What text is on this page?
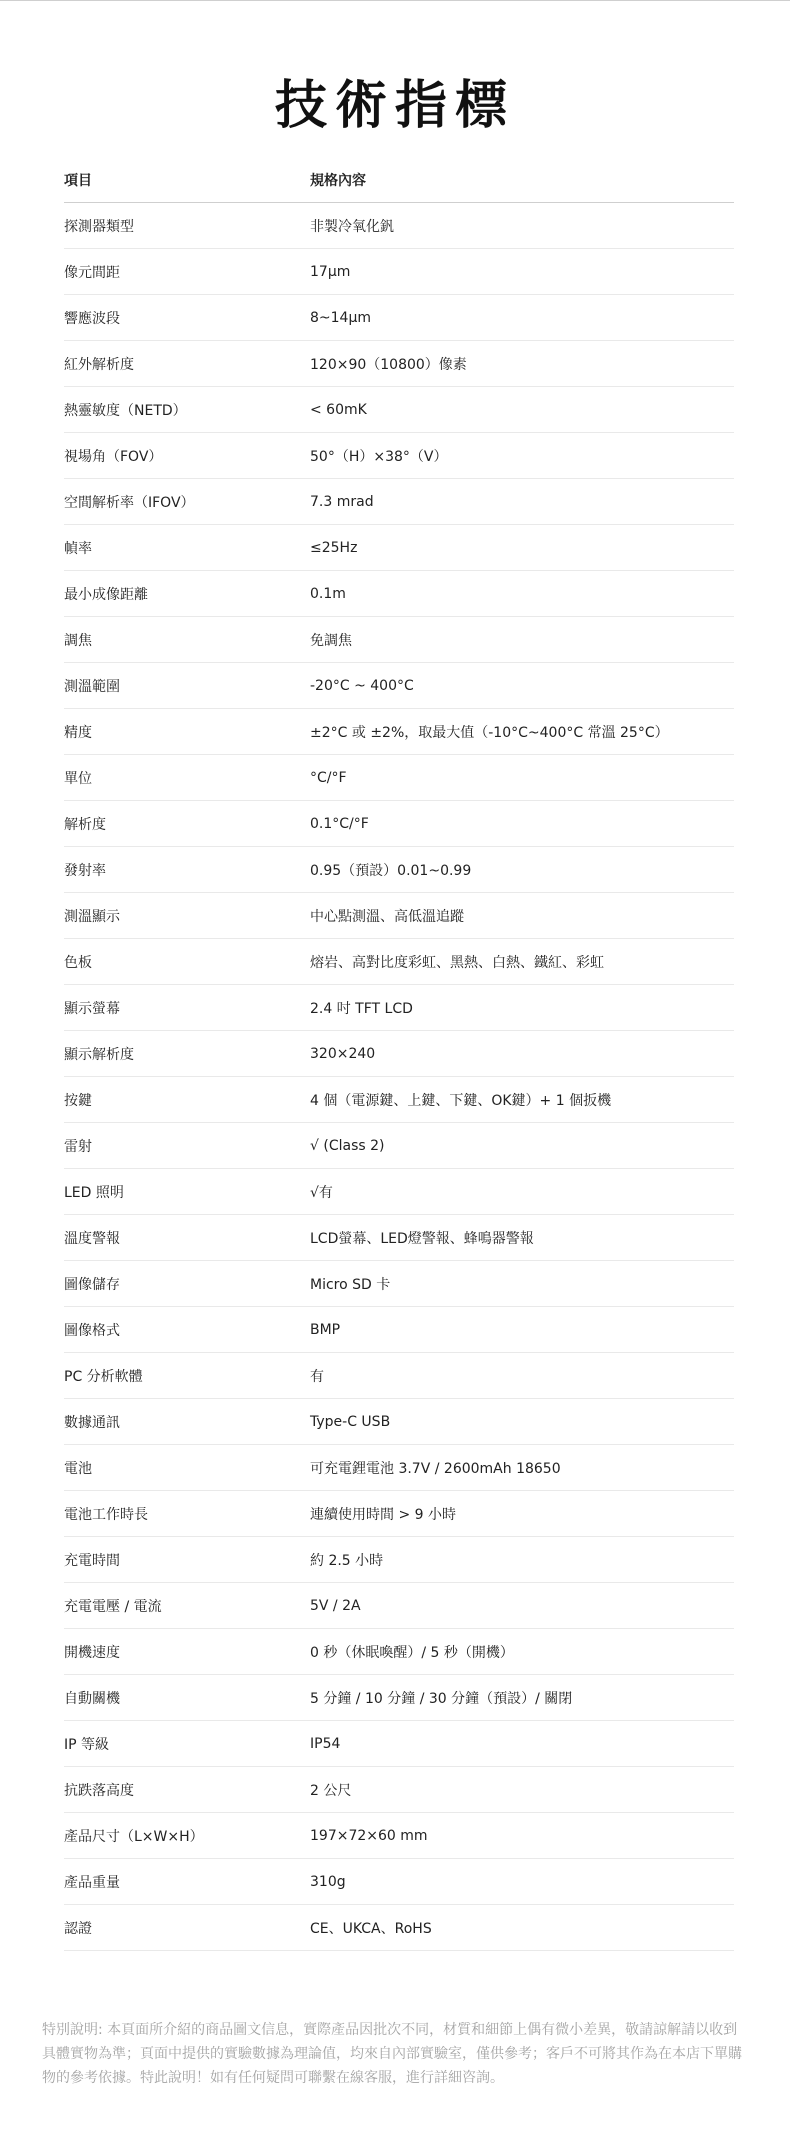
技術指標
項目	規格內容
探測器類型	非製冷氧化釩
像元間距	17μm
響應波段	8~14μm
紅外解析度	120×90（10800）像素
熱靈敏度（NETD）	< 60mK
視場角（FOV）	50°（H）×38°（V）
空間解析率（IFOV）	7.3 mrad
幀率	≤25Hz
最小成像距離	0.1m
調焦	免調焦
測溫範圍	-20°C ~ 400°C
精度	±2°C 或 ±2%，取最大值（-10°C~400°C 常溫 25°C）
單位	°C/°F
解析度	0.1°C/°F
發射率	0.95（預設）0.01~0.99
測溫顯示	中心點測溫、高低溫追蹤
色板	熔岩、高對比度彩虹、黑熱、白熱、鐵紅、彩虹
顯示螢幕	2.4 吋 TFT LCD
顯示解析度	320×240
按鍵	4 個（電源鍵、上鍵、下鍵、OK鍵）+ 1 個扳機
雷射	√ (Class 2)
LED 照明	√有
溫度警報	LCD螢幕、LED燈警報、蜂鳴器警報
圖像儲存	Micro SD 卡
圖像格式	BMP
PC 分析軟體	有
數據通訊	Type-C USB
電池	可充電鋰電池 3.7V / 2600mAh 18650
電池工作時長	連續使用時間 > 9 小時
充電時間	約 2.5 小時
充電電壓 / 電流	5V / 2A
開機速度	0 秒（休眠喚醒）/ 5 秒（開機）
自動關機	5 分鐘 / 10 分鐘 / 30 分鐘（預設）/ 關閉
IP 等級	IP54
抗跌落高度	2 公尺
產品尺寸（L×W×H）	197×72×60 mm
產品重量	310g
認證	CE、UKCA、RoHS
特別說明: 本頁面所介紹的商品圖文信息，實際產品因批次不同，材質和細節上偶有微小差異，敬請諒解請以收到具體實物為準；頁面中提供的實驗數據為理論值，均來自內部實驗室，僅供參考；客戶不可將其作為在本店下單購物的參考依據。特此說明！如有任何疑問可聯繫在線客服，進行詳細咨詢。
